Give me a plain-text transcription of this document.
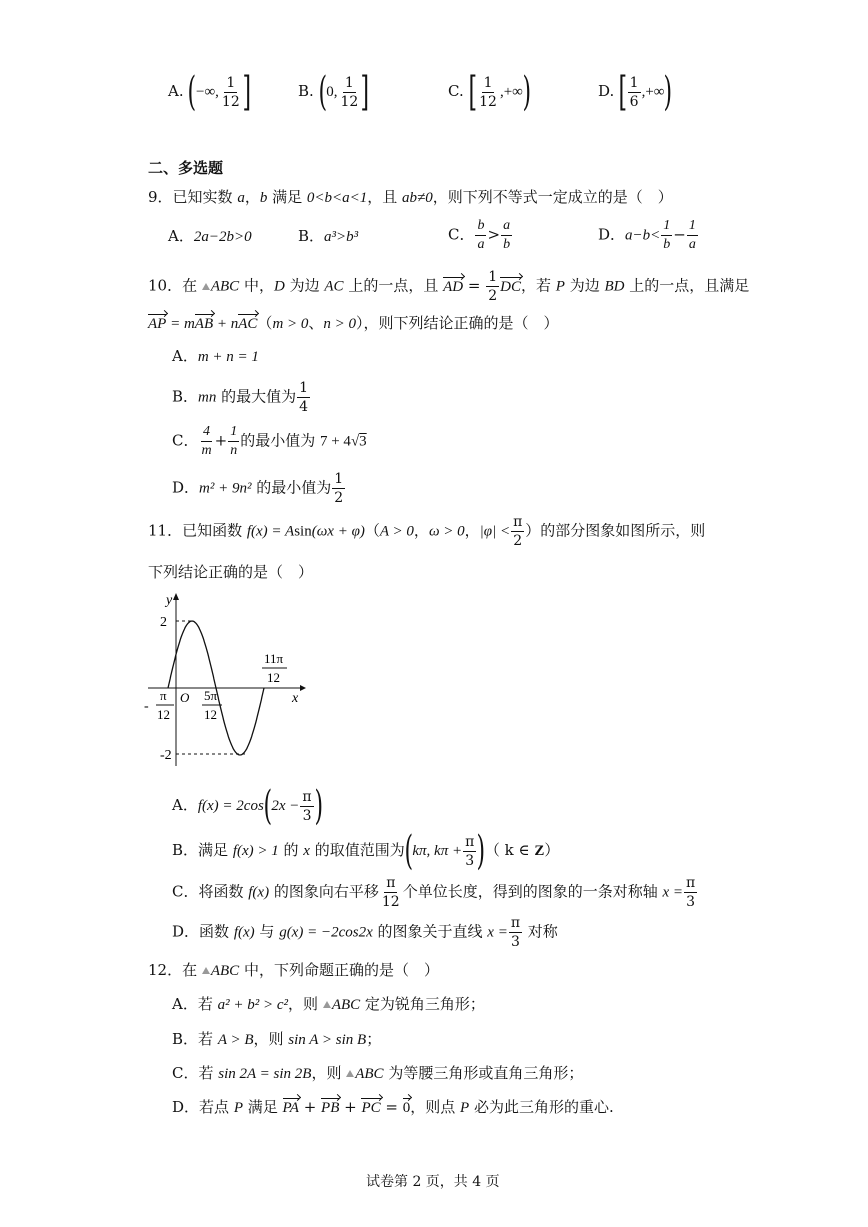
A. (−∞, $\frac{1}{12}$ ]	B. (0, $\frac{1}{12}$ ]	C. [ $\frac{1}{12}$ ,+∞)	D. [ $\frac{1}{6}$ ,+∞)
二、多选题
9．已知实数 a，b 满足 0<b<a<1，且 ab≠0，则下列不等式一定成立的是（　）
A．2a−2b>0	B．a³>b³	C． $\frac{b}{a} > \frac{a}{b}$	D．$a-b< \frac{1}{b} - \frac{1}{a}$
10．在 ABC 中，D 为边 AC 上的一点，且 AD = $\frac{1}{2}$ DC，若 P 为边 BD 上的一点，且满足
AP = mAB + nAC（m > 0、n > 0），则下列结论正确的是（　）
A．m + n = 1
B．mn 的最大值为 $\frac{1}{4}$
C． $\frac{4}{m} + \frac{1}{n}$ 的最小值为 7 + 4√3
D．m² + 9n² 的最小值为 $\frac{1}{2}$
11．已知函数 f(x) = Asin(ωx + φ)（A > 0，ω > 0，$|\varphi| < \frac{\pi}{2}$ ）的部分图象如图所示，则
下列结论正确的是（　）
y
x
O
2
-2
-
π
12
5π
12
11π
12
A．$f(x) = 2\cos(2x - \frac{\pi}{3}$ )
B．满足 f(x) > 1 的 x 的取值范围为(kπ, $k\pi + \frac{\pi}{3}$ )（ k ∈ Z）
C．将函数 f(x) 的图象向右平移 $\frac{\pi}{12}$ 个单位长度，得到的图象的一条对称轴 $x = \frac{\pi}{3}$
D．函数 f(x) 与 g(x) = −2cos2x 的图象关于直线 $x = \frac{\pi}{3}$ 对称
12．在 ABC 中，下列命题正确的是（　）
A．若 a² + b² > c²，则 ABC 定为锐角三角形；
B．若 A > B，则 sin A > sin B；
C．若 sin 2A = sin 2B，则 ABC 为等腰三角形或直角三角形；
D．若点 P 满足 PA + PB + PC = 0，则点 P 必为此三角形的重心.
试卷第 2 页，共 4 页
